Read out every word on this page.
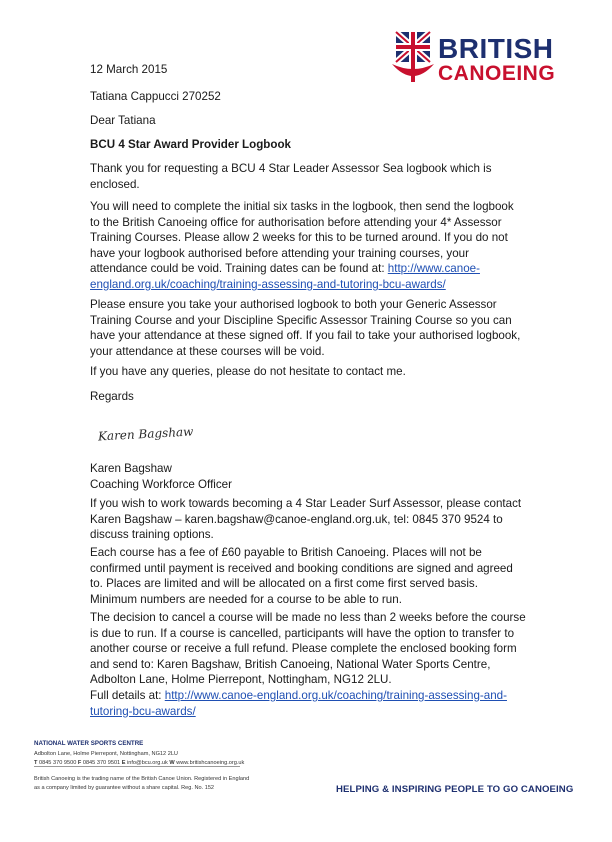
BRITISH
CANOEING

12 March 2015

Tatiana Cappucci 270252

Dear Tatiana

BCU 4 Star Award Provider Logbook

Thank you for requesting a BCU 4 Star Leader Assessor Sea logbook which is
enclosed.

You will need to complete the initial six tasks in the logbook, then send the logbook
to the British Canoeing office for authorisation before attending your 4* Assessor
Training Courses. Please allow 2 weeks for this to be turned around. If you do not
have your logbook authorised before attending your training courses, your
attendance could be void. Training dates can be found at: http://www.canoe-
england.org.uk/coaching/training-assessing-and-tutoring-bcu-awards/

Please ensure you take your authorised logbook to both your Generic Assessor
Training Course and your Discipline Specific Assessor Training Course so you can
have your attendance at these signed off. If you fail to take your authorised logbook,
your attendance at these courses will be void.

If you have any queries, please do not hesitate to contact me.

Regards

Karen Bagshaw

Karen Bagshaw
Coaching Workforce Officer

If you wish to work towards becoming a 4 Star Leader Surf Assessor, please contact
Karen Bagshaw – karen.bagshaw@canoe-england.org.uk, tel: 0845 370 9524 to
discuss training options.

Each course has a fee of £60 payable to British Canoeing. Places will not be
confirmed until payment is received and booking conditions are signed and agreed
to. Places are limited and will be allocated on a first come first served basis.
Minimum numbers are needed for a course to be able to run.

The decision to cancel a course will be made no less than 2 weeks before the course
is due to run. If a course is cancelled, participants will have the option to transfer to
another course or receive a full refund. Please complete the enclosed booking form
and send to: Karen Bagshaw, British Canoeing, National Water Sports Centre,
Adbolton Lane, Holme Pierrepont, Nottingham, NG12 2LU.
Full details at: http://www.canoe-england.org.uk/coaching/training-assessing-and-
tutoring-bcu-awards/

NATIONAL WATER SPORTS CENTRE
Adbolton Lane, Holme Pierrepont, Nottingham, NG12 2LU
T 0845 370 9500 F 0845 370 9501 E info@bcu.org.uk W www.britishcanoeing.org.uk
British Canoeing is the trading name of the British Canoe Union. Registered in England
as a company limited by guarantee without a share capital. Reg. No. 152	HELPING & INSPIRING PEOPLE TO GO CANOEING
